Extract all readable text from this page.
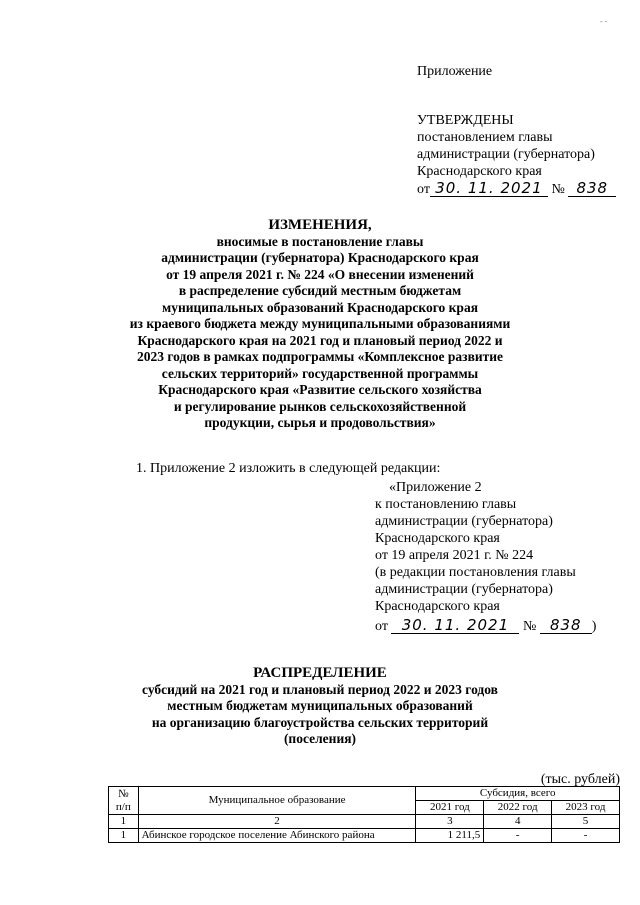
- -
Приложение
УТВЕРЖДЕНЫ
постановлением главы
администрации (губернатора)
Краснодарского края
от 30. 11. 2021 № 838
ИЗМЕНЕНИЯ,
вносимые в постановление главы
администрации (губернатора) Краснодарского края
от 19 апреля 2021 г. № 224 «О внесении изменений
в распределение субсидий местным бюджетам
муниципальных образований Краснодарского края
из краевого бюджета между муниципальными образованиями
Краснодарского края на 2021 год и плановый период 2022 и
2023 годов в рамках подпрограммы «Комплексное развитие
сельских территорий» государственной программы
Краснодарского края «Развитие сельского хозяйства
и регулирование рынков сельскохозяйственной
продукции, сырья и продовольствия»
1. Приложение 2 изложить в следующей редакции:
«Приложение 2
к постановлению главы
администрации (губернатора)
Краснодарского края
от 19 апреля 2021 г. № 224
(в редакции постановления главы
администрации (губернатора)
Краснодарского края
от 30. 11. 2021 № 838 )
РАСПРЕДЕЛЕНИЕ
субсидий на 2021 год и плановый период 2022 и 2023 годов
местным бюджетам муниципальных образований
на организацию благоустройства сельских территорий
(поселения)
(тыс. рублей)
№
п/п	Муниципальное образование	Субсидия, всего		
		2021 год	2022 год	2023 год
1	2	3	4	5
1	Абинское городское поселение Абинского района	1 211,5	-	-
